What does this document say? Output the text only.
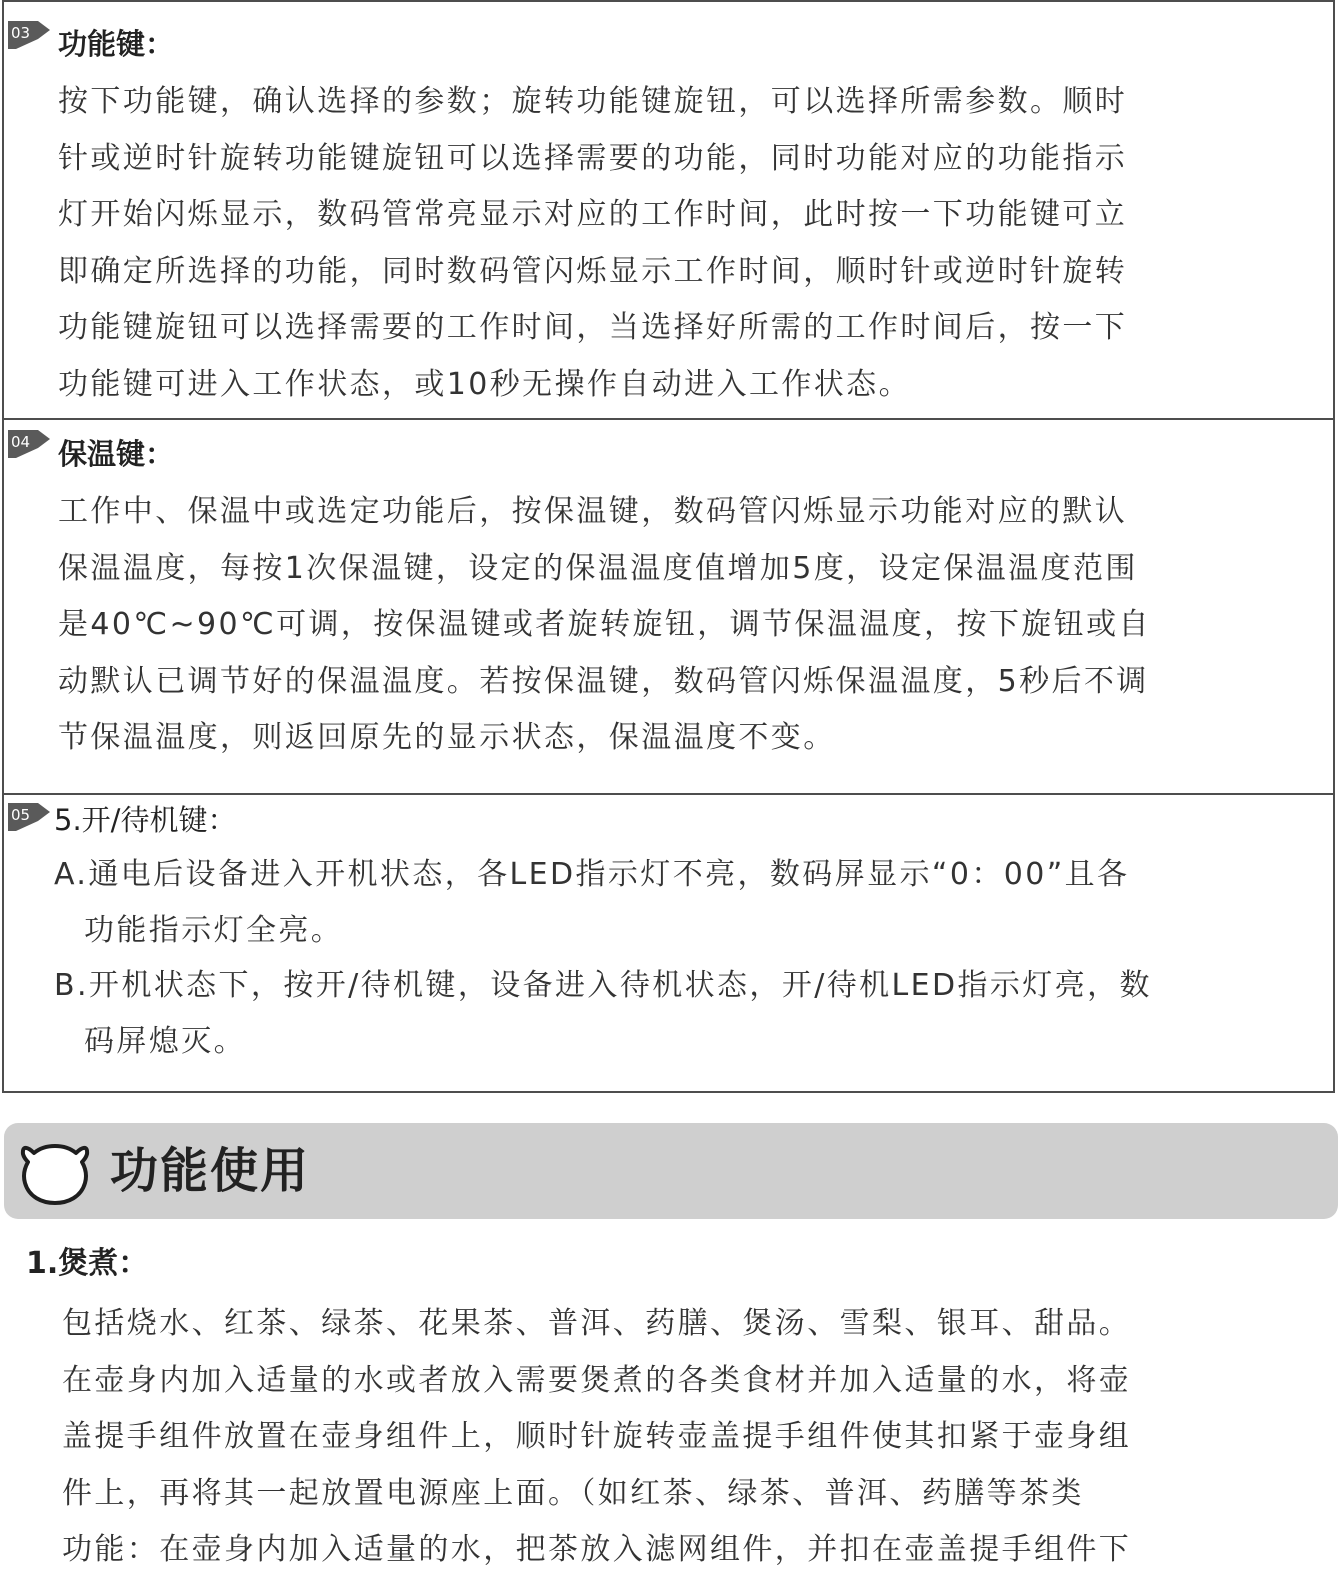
03 功能键：
按下功能键，确认选择的参数；旋转功能键旋钮，可以选择所需参数。顺时
针或逆时针旋转功能键旋钮可以选择需要的功能，同时功能对应的功能指示
灯开始闪烁显示，数码管常亮显示对应的工作时间，此时按一下功能键可立
即确定所选择的功能，同时数码管闪烁显示工作时间，顺时针或逆时针旋转
功能键旋钮可以选择需要的工作时间，当选择好所需的工作时间后，按一下
功能键可进入工作状态，或10秒无操作自动进入工作状态。
04 保温键：
工作中、保温中或选定功能后，按保温键，数码管闪烁显示功能对应的默认
保温温度，每按1次保温键，设定的保温温度值增加5度，设定保温温度范围
是40℃~90℃可调，按保温键或者旋转旋钮，调节保温温度，按下旋钮或自
动默认已调节好的保温温度。若按保温键，数码管闪烁保温温度，5秒后不调
节保温温度，则返回原先的显示状态，保温温度不变。
05 5.开/待机键：
A.通电后设备进入开机状态，各LED指示灯不亮，数码屏显示“0：00”且各
功能指示灯全亮。
B.开机状态下，按开/待机键，设备进入待机状态，开/待机LED指示灯亮，数
码屏熄灭。
功能使用
1.煲煮：
包括烧水、红茶、绿茶、花果茶、普洱、药膳、煲汤、雪梨、银耳、甜品。
在壶身内加入适量的水或者放入需要煲煮的各类食材并加入适量的水，将壶
盖提手组件放置在壶身组件上，顺时针旋转壶盖提手组件使其扣紧于壶身组
件上，再将其一起放置电源座上面。（如红茶、绿茶、普洱、药膳等茶类
功能：在壶身内加入适量的水，把茶放入滤网组件，并扣在壶盖提手组件下
